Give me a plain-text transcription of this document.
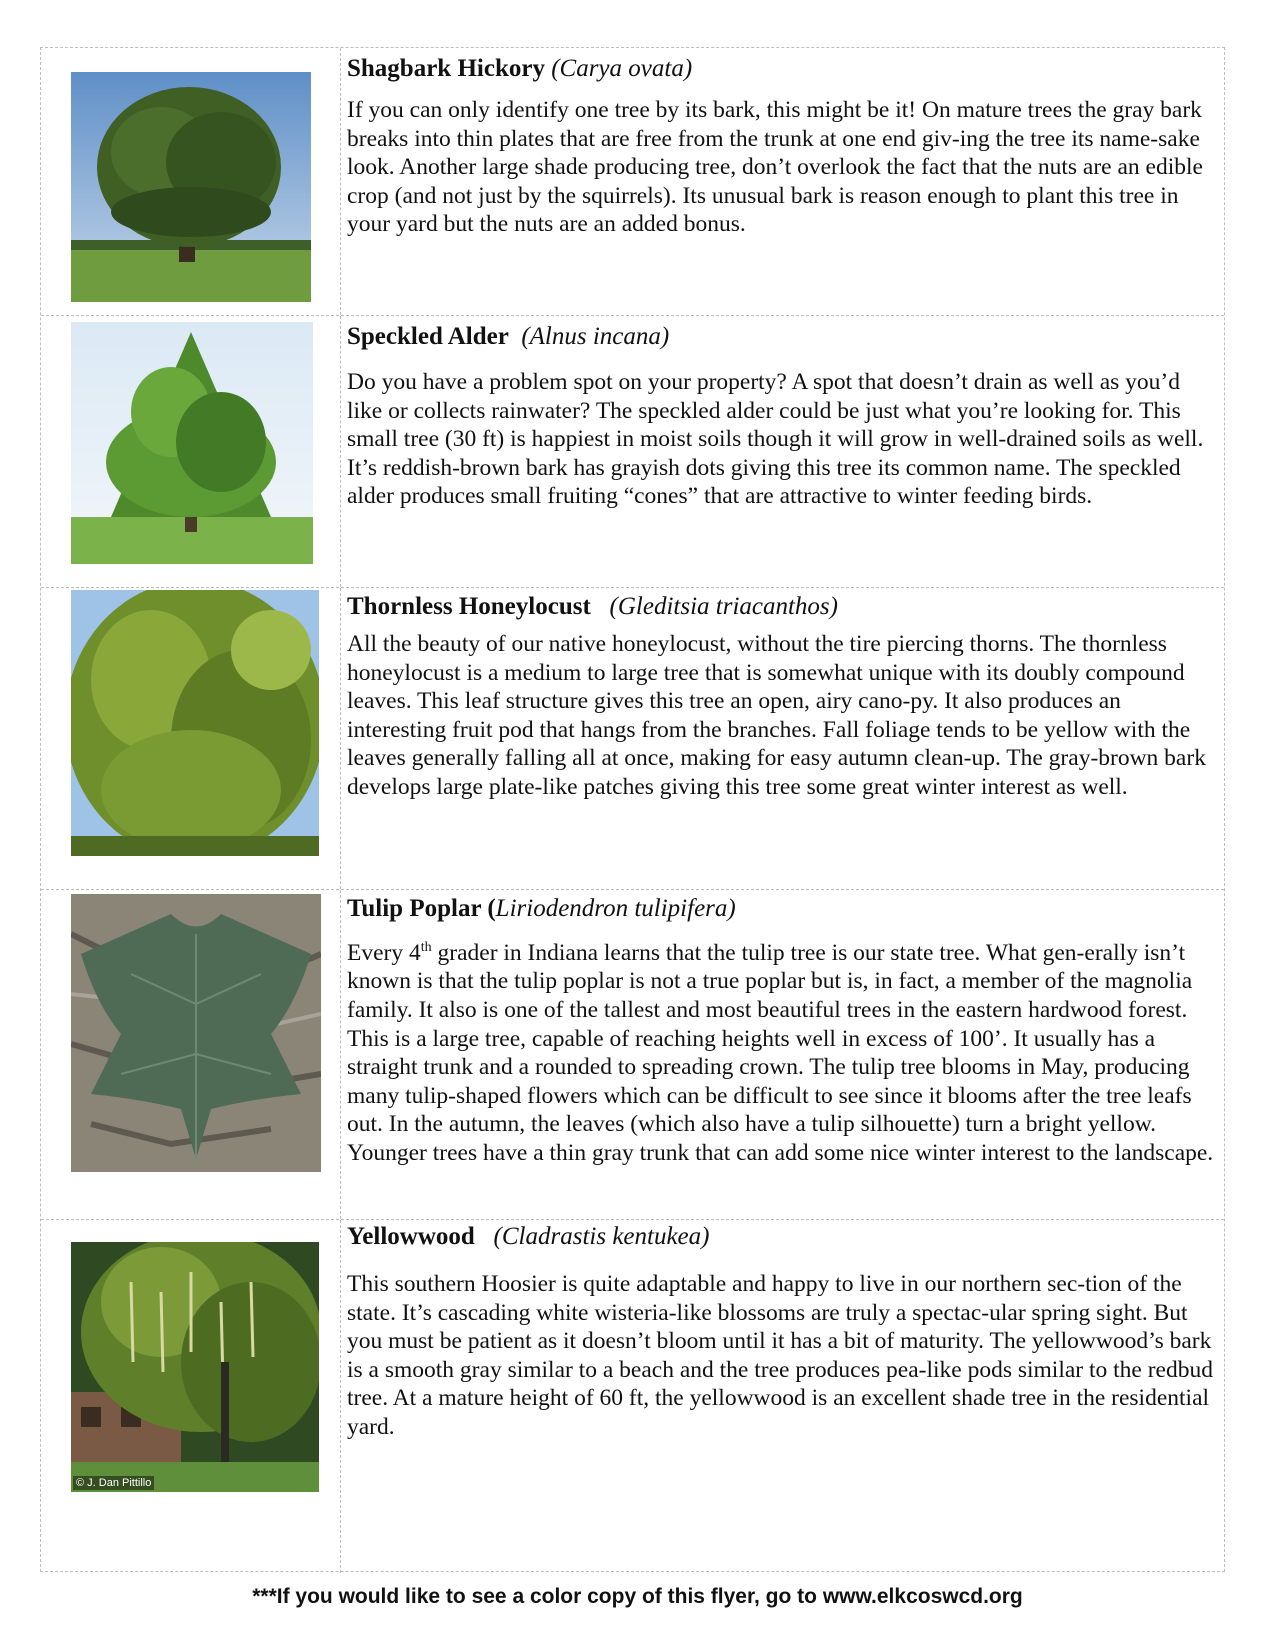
Shagbark Hickory (Carya ovata)

If you can only identify one tree by its bark, this might be it! On mature trees the gray bark breaks into thin plates that are free from the trunk at one end giv-ing the tree its name-sake look. Another large shade producing tree, don’t overlook the fact that the nuts are an edible crop (and not just by the squirrels). Its unusual bark is reason enough to plant this tree in your yard but the nuts are an added bonus.

Speckled Alder (Alnus incana)

Do you have a problem spot on your property? A spot that doesn’t drain as well as you’d like or collects rainwater? The speckled alder could be just what you’re looking for. This small tree (30 ft) is happiest in moist soils though it will grow in well-drained soils as well. It’s reddish-brown bark has grayish dots giving this tree its common name. The speckled alder produces small fruiting “cones” that are attractive to winter feeding birds.

Thornless Honeylocust (Gleditsia triacanthos)

All the beauty of our native honeylocust, without the tire piercing thorns. The thornless honeylocust is a medium to large tree that is somewhat unique with its doubly compound leaves. This leaf structure gives this tree an open, airy cano-py. It also produces an interesting fruit pod that hangs from the branches. Fall foliage tends to be yellow with the leaves generally falling all at once, making for easy autumn clean-up. The gray-brown bark develops large plate-like patches giving this tree some great winter interest as well.

Tulip Poplar (Liriodendron tulipifera)

Every 4th grader in Indiana learns that the tulip tree is our state tree. What gen-erally isn’t known is that the tulip poplar is not a true poplar but is, in fact, a member of the magnolia family. It also is one of the tallest and most beautiful trees in the eastern hardwood forest. This is a large tree, capable of reaching heights well in excess of 100’. It usually has a straight trunk and a rounded to spreading crown. The tulip tree blooms in May, producing many tulip-shaped flowers which can be difficult to see since it blooms after the tree leafs out. In the autumn, the leaves (which also have a tulip silhouette) turn a bright yellow. Younger trees have a thin gray trunk that can add some nice winter interest to the landscape.

© J. Dan Pittillo

Yellowwood (Cladrastis kentukea)

This southern Hoosier is quite adaptable and happy to live in our northern sec-tion of the state. It’s cascading white wisteria-like blossoms are truly a spectac-ular spring sight. But you must be patient as it doesn’t bloom until it has a bit of maturity. The yellowwood’s bark is a smooth gray similar to a beach and the tree produces pea-like pods similar to the redbud tree. At a mature height of 60 ft, the yellowwood is an excellent shade tree in the residential yard.

***If you would like to see a color copy of this flyer, go to www.elkcoswcd.org
